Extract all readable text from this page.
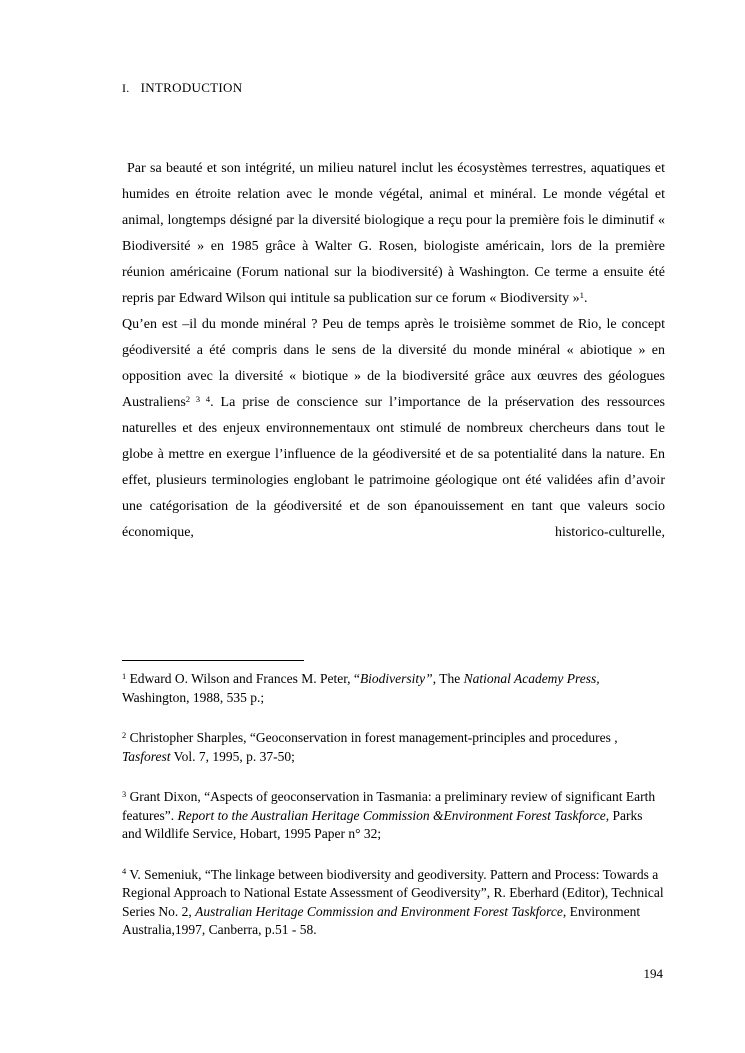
I. INTRODUCTION

Par sa beauté et son intégrité, un milieu naturel inclut les écosystèmes terrestres, aquatiques et humides en étroite relation avec le monde végétal, animal et minéral. Le monde végétal et animal, longtemps désigné par la diversité biologique a reçu pour la première fois le diminutif « Biodiversité » en 1985 grâce à Walter G. Rosen, biologiste américain, lors de la première réunion américaine (Forum national sur la biodiversité) à Washington. Ce terme a ensuite été repris par Edward Wilson qui intitule sa publication sur ce forum « Biodiversity »$^1$.

Qu’en est –il du monde minéral ? Peu de temps après le troisième sommet de Rio, le concept géodiversité a été compris dans le sens de la diversité du monde minéral « abiotique » en opposition avec la diversité « biotique » de la biodiversité grâce aux œuvres des géologues Australiens$^{2 3 4}$. La prise de conscience sur l’importance de la préservation des ressources naturelles et des enjeux environnementaux ont stimulé de nombreux chercheurs dans tout le globe à mettre en exergue l’influence de la géodiversité et de sa potentialité dans la nature. En effet, plusieurs terminologies englobant le patrimoine géologique ont été validées afin d’avoir une catégorisation de la géodiversité et de son épanouissement en tant que valeurs socio économique, historico-culturelle,

$^1$ Edward O. Wilson and Frances M. Peter, “Biodiversity”, The National Academy Press, Washington, 1988, 535 p.;

$^2$ Christopher Sharples, “Geoconservation in forest management-principles and procedures , Tasforest Vol. 7, 1995, p. 37-50;

$^3$ Grant Dixon, “Aspects of geoconservation in Tasmania: a preliminary review of significant Earth features”. Report to the Australian Heritage Commission &Environment Forest Taskforce, Parks and Wildlife Service, Hobart, 1995 Paper n° 32;

$^4$ V. Semeniuk, “The linkage between biodiversity and geodiversity. Pattern and Process: Towards a Regional Approach to National Estate Assessment of Geodiversity”, R. Eberhard (Editor), Technical Series No. 2, Australian Heritage Commission and Environment Forest Taskforce, Environment Australia,1997, Canberra, p.51 - 58.

194
